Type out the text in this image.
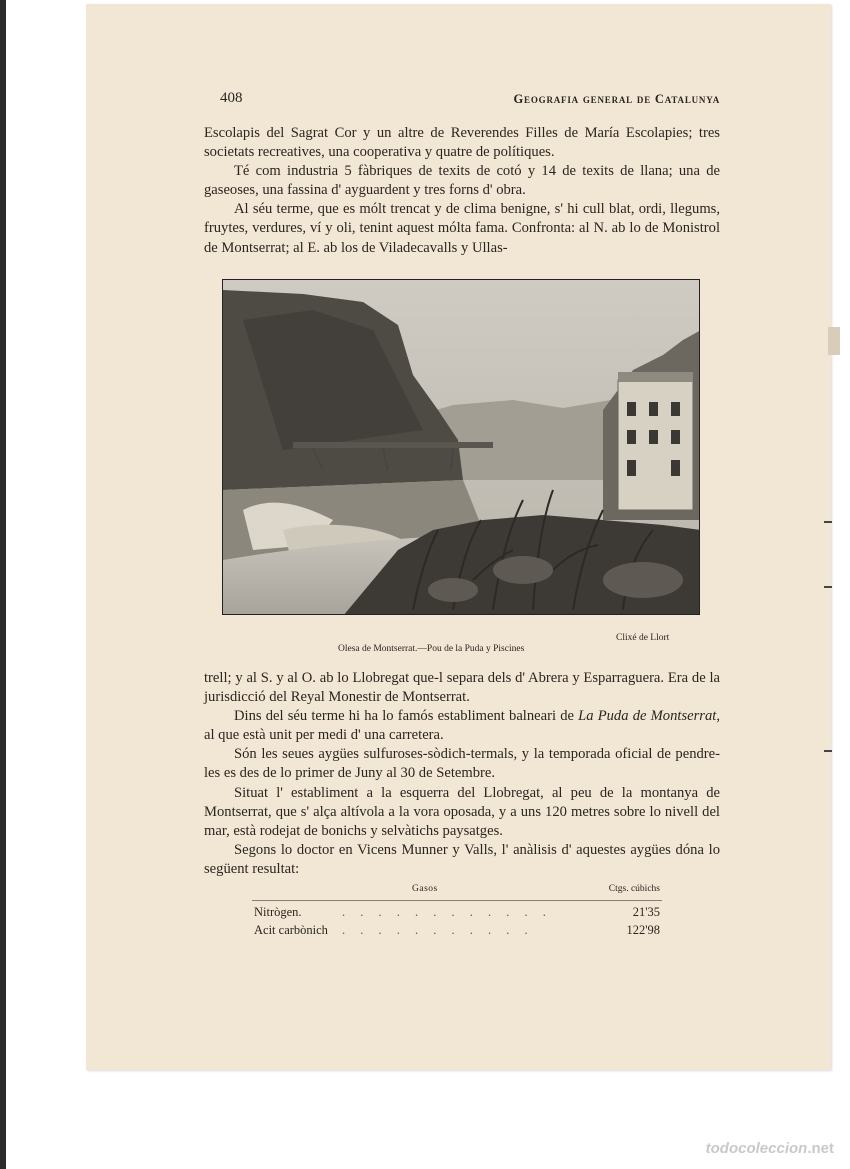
408	Geografia general de Catalunya

Escolapis del Sagrat Cor y un altre de Reverendes Filles de María Escolapies; tres societats recreatives, una cooperativa y quatre de polítiques.

Té com industria 5 fàbriques de texits de cotó y 14 de texits de llana; una de gaseoses, una fassina d' ayguardent y tres forns d' obra.

Al séu terme, que es mólt trencat y de clima benigne, s' hi cull blat, ordi, llegums, fruytes, verdures, ví y oli, tenint aquest mólta fama. Confronta: al N. ab lo de Monistrol de Montserrat; al E. ab los de Viladecavalls y Ullas-

Clixé de Llort
Olesa de Montserrat.—Pou de la Puda y Piscines

trell; y al S. y al O. ab lo Llobregat que-l separa dels d' Abrera y Esparraguera. Era de la jurisdicció del Reyal Monestir de Montserrat.

Dins del séu terme hi ha lo famós establiment balneari de La Puda de Montserrat, al que està unit per medi d' una carretera.

Són les seues aygües sulfuroses-sòdich-termals, y la temporada oficial de pendre-les es des de lo primer de Juny al 30 de Setembre.

Situat l' establiment a la esquerra del Llobregat, al peu de la montanya de Montserrat, que s' alça altívola a la vora oposada, y a uns 120 metres sobre lo nivell del mar, està rodejat de bonichs y selvàtichs paysatges.

Segons lo doctor en Vicens Munner y Valls, l' anàlisis d' aquestes aygües dóna lo següent resultat:

Gasos	Ctgs. cúbichs
Nitrògen.	. . . . . . . . . . . .	21'35
Acit carbònich . . . . . . . . . . .	122'98
todocoleccion.net
